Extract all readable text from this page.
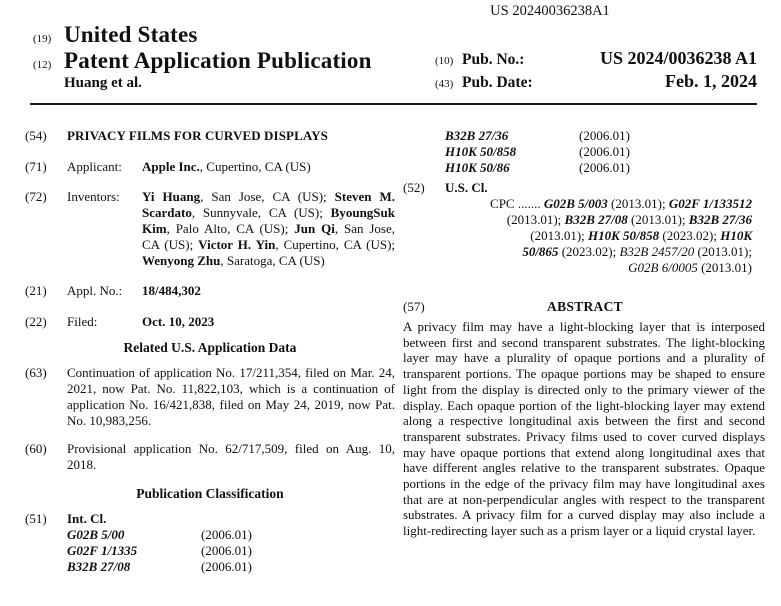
US 20240036238A1
(19) United States
(12) Patent Application Publication
Huang et al.
(10) Pub. No.:	US 2024/0036238 A1
(43) Pub. Date:	Feb. 1, 2024
(54)	PRIVACY FILMS FOR CURVED DISPLAYS
(71)	Applicant:	Apple Inc., Cupertino, CA (US)
(72)	Inventors:	Yi Huang, San Jose, CA (US); Steven M. Scardato, Sunnyvale, CA (US); ByoungSuk Kim, Palo Alto, CA (US); Jun Qi, San Jose, CA (US); Victor H. Yin, Cupertino, CA (US); Wenyong Zhu, Saratoga, CA (US)
(21)	Appl. No.:	18/484,302
(22)	Filed:	Oct. 10, 2023
Related U.S. Application Data
(63)	Continuation of application No. 17/211,354, filed on Mar. 24, 2021, now Pat. No. 11,822,103, which is a continuation of application No. 16/421,838, filed on May 24, 2019, now Pat. No. 10,983,256.
(60)	Provisional application No. 62/717,509, filed on Aug. 10, 2018.
Publication Classification
(51)	Int. Cl.
G02B 5/00	(2006.01)
G02F 1/1335	(2006.01)
B32B 27/08	(2006.01)
B32B 27/36	(2006.01)
H10K 50/858	(2006.01)
H10K 50/86	(2006.01)
(52)	U.S. Cl.
CPC ....... G02B 5/003 (2013.01); G02F 1/133512
(2013.01); B32B 27/08 (2013.01); B32B 27/36
(2013.01); H10K 50/858 (2023.02); H10K
50/865 (2023.02); B32B 2457/20 (2013.01);
G02B 6/0005 (2013.01)
(57)	ABSTRACT
A privacy film may have a light-blocking layer that is interposed between first and second transparent substrates. The light-blocking layer may have a plurality of opaque portions and a plurality of transparent portions. The opaque portions may be shaped to ensure light from the display is directed only to the primary viewer of the display. Each opaque portion of the light-blocking layer may extend along a respective longitudinal axis between the first and second transparent substrates. Privacy films used to cover curved displays may have opaque portions that extend along longitudinal axes that have different angles relative to the transparent substrates. Opaque portions in the edge of the privacy film may have longitudinal axes that are at non-perpendicular angles with respect to the transparent substrates. A privacy film for a curved display may also include a light-redirecting layer such as a prism layer or a liquid crystal layer.
